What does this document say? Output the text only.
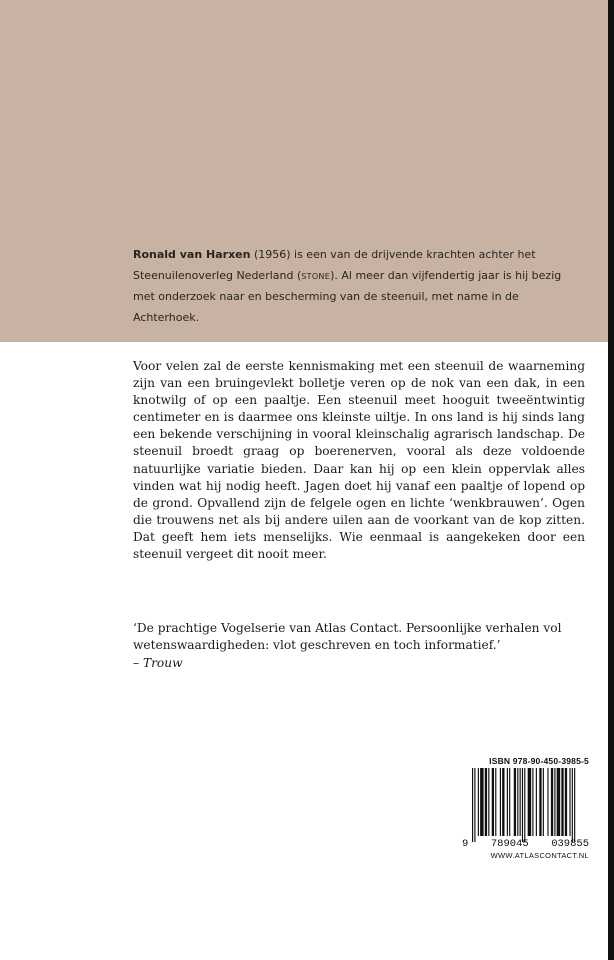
Ronald van Harxen (1956) is een van de drijvende krachten achter het Steenuilenoverleg Nederland (STONE). Al meer dan vijfendertig jaar is hij bezig met onderzoek naar en bescherming van de steenuil, met name in de Achterhoek.
Voor velen zal de eerste kennismaking met een steenuil de waarneming zijn van een bruingevlekt bolletje veren op de nok van een dak, in een knotwilg of op een paaltje. Een steenuil meet hooguit tweeëntwintig centimeter en is daarmee ons kleinste uiltje. In ons land is hij sinds lang een bekende verschijning in vooral kleinschalig agrarisch landschap. De steenuil broedt graag op boerenerven, vooral als deze voldoende natuurlijke variatie bieden. Daar kan hij op een klein oppervlak alles vinden wat hij nodig heeft. Jagen doet hij vanaf een paaltje of lopend op de grond. Opvallend zijn de felgele ogen en lichte ‘wenkbrauwen’. Ogen die trouwens net als bij andere uilen aan de voorkant van de kop zitten. Dat geeft hem iets menselijks. Wie eenmaal is aangekeken door een steenuil vergeet dit nooit meer.
‘De prachtige Vogelserie van Atlas Contact. Persoonlijke verhalen vol wetenswaardigheden: vlot geschreven en toch informatief.’
– Trouw
ISBN 978-90-450-3985-5
9 789045 039855
WWW.ATLASCONTACT.NL
